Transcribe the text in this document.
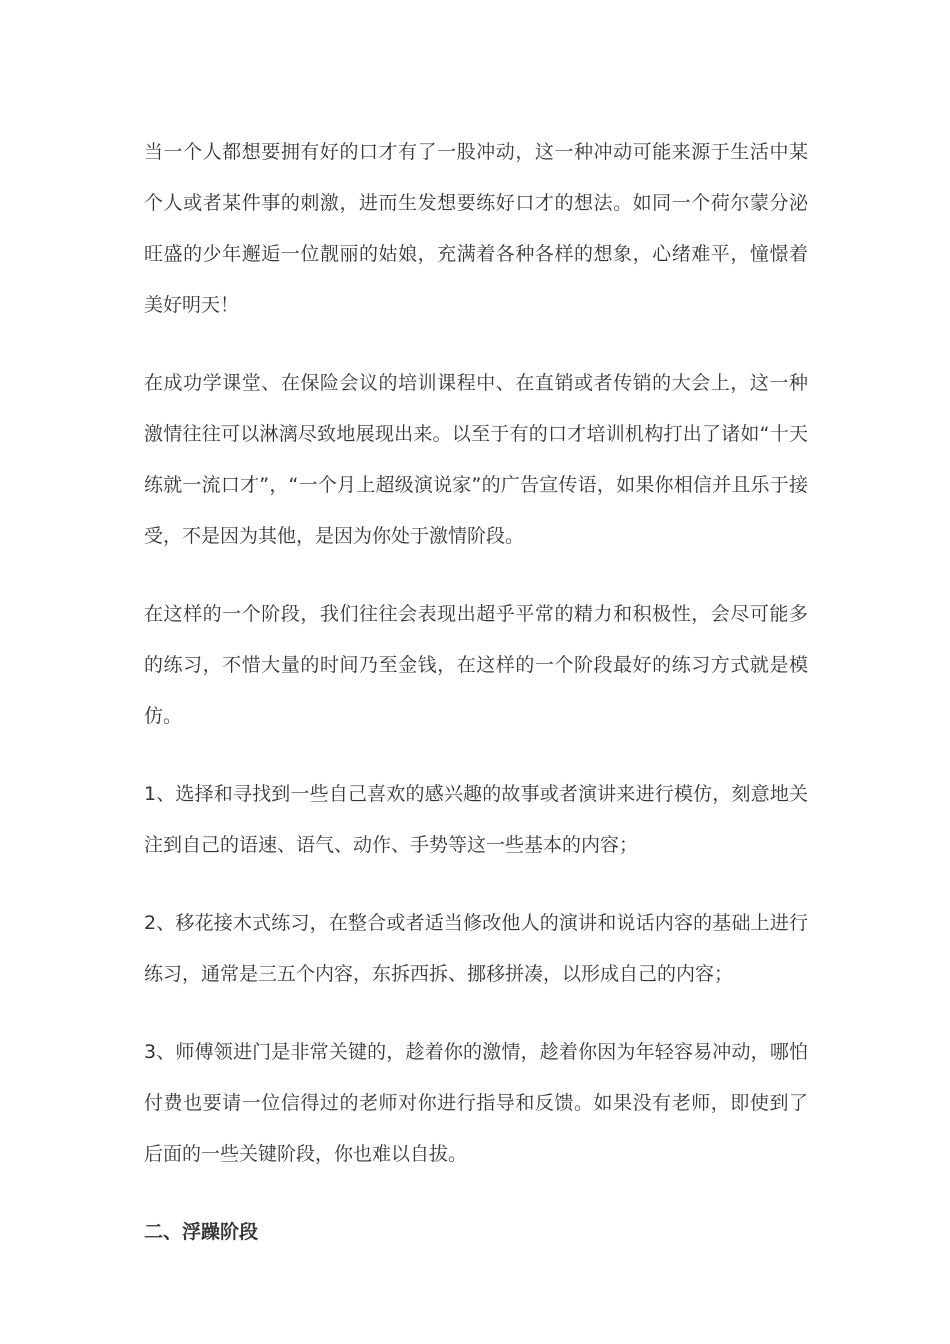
当一个人都想要拥有好的口才有了一股冲动，这一种冲动可能来源于生活中某个人或者某件事的刺激，进而生发想要练好口才的想法。如同一个荷尔蒙分泌旺盛的少年邂逅一位靓丽的姑娘，充满着各种各样的想象，心绪难平，憧憬着美好明天！

在成功学课堂、在保险会议的培训课程中、在直销或者传销的大会上，这一种激情往往可以淋漓尽致地展现出来。以至于有的口才培训机构打出了诸如“十天练就一流口才”，“一个月上超级演说家”的广告宣传语，如果你相信并且乐于接受，不是因为其他，是因为你处于激情阶段。

在这样的一个阶段，我们往往会表现出超乎平常的精力和积极性，会尽可能多的练习，不惜大量的时间乃至金钱，在这样的一个阶段最好的练习方式就是模仿。

1、选择和寻找到一些自己喜欢的感兴趣的故事或者演讲来进行模仿，刻意地关注到自己的语速、语气、动作、手势等这一些基本的内容；

2、移花接木式练习，在整合或者适当修改他人的演讲和说话内容的基础上进行练习，通常是三五个内容，东拆西拆、挪移拼凑，以形成自己的内容；

3、师傅领进门是非常关键的，趁着你的激情，趁着你因为年轻容易冲动，哪怕付费也要请一位信得过的老师对你进行指导和反馈。如果没有老师，即使到了后面的一些关键阶段，你也难以自拔。

二、浮躁阶段
